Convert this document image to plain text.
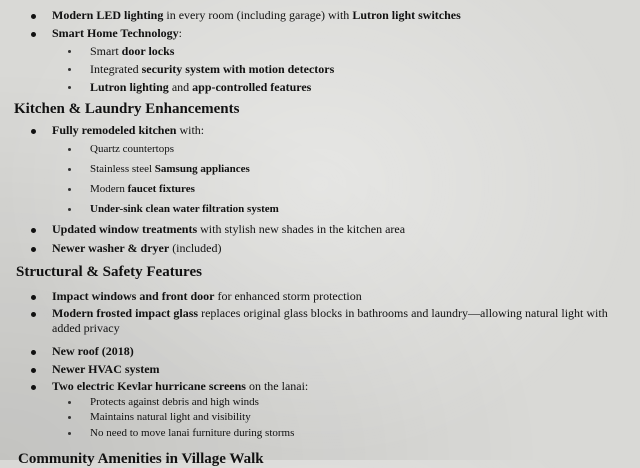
Modern LED lighting in every room (including garage) with Lutron light switches
Smart Home Technology:
Smart door locks
Integrated security system with motion detectors
Lutron lighting and app-controlled features
Kitchen & Laundry Enhancements
Fully remodeled kitchen with:
Quartz countertops
Stainless steel Samsung appliances
Modern faucet fixtures
Under-sink clean water filtration system
Updated window treatments with stylish new shades in the kitchen area
Newer washer & dryer (included)
Structural & Safety Features
Impact windows and front door for enhanced storm protection
Modern frosted impact glass replaces original glass blocks in bathrooms and laundry—allowing natural light with added privacy
New roof (2018)
Newer HVAC system
Two electric Kevlar hurricane screens on the lanai:
Protects against debris and high winds
Maintains natural light and visibility
No need to move lanai furniture during storms
Community Amenities in Village Walk
